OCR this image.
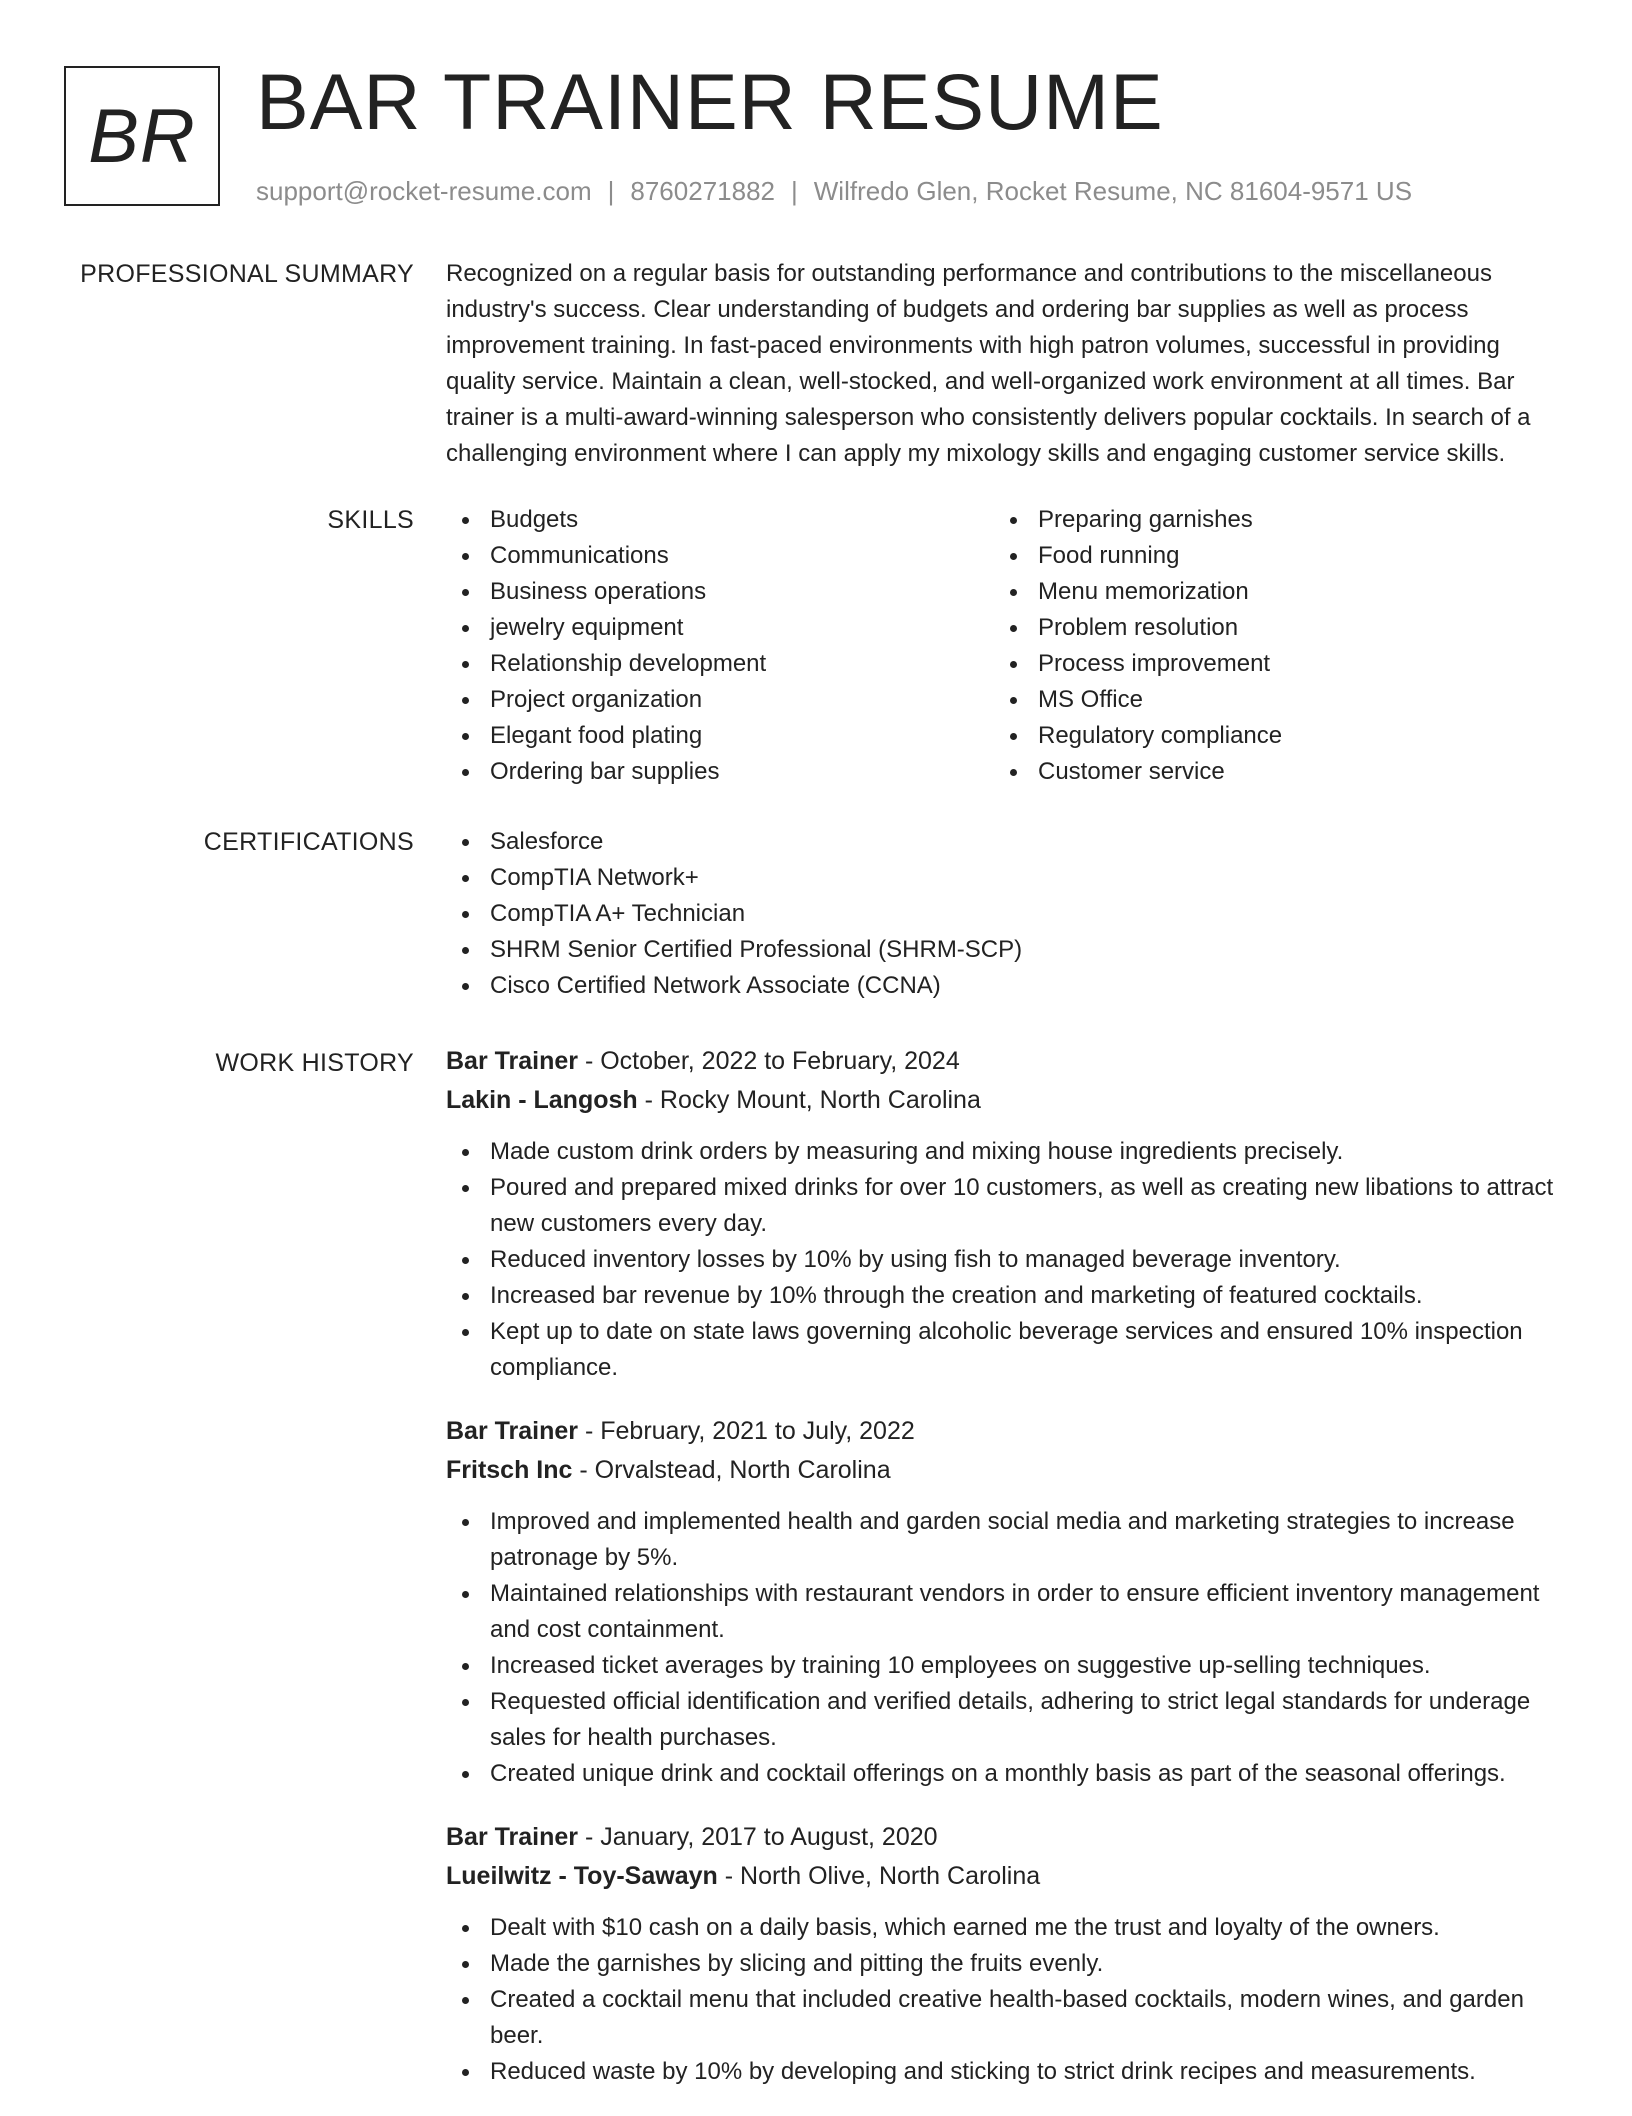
BR BAR TRAINER RESUME
support@rocket-resume.com | 8760271882 | Wilfredo Glen, Rocket Resume, NC 81604-9571 US
PROFESSIONAL SUMMARY Recognized on a regular basis for outstanding performance and contributions to the miscellaneous industry's success. Clear understanding of budgets and ordering bar supplies as well as process improvement training. In fast-paced environments with high patron volumes, successful in providing quality service. Maintain a clean, well-stocked, and well-organized work environment at all times. Bar trainer is a multi-award-winning salesperson who consistently delivers popular cocktails. In search of a challenging environment where I can apply my mixology skills and engaging customer service skills.

SKILLS	Budgets
Communications
Business operations
jewelry equipment
Relationship development
Project organization
Elegant food plating
Ordering bar supplies
Preparing garnishes
Food running
Menu memorization
Problem resolution
Process improvement
MS Office
Regulatory compliance
Customer service
CERTIFICATIONS	Salesforce
CompTIA Network+
CompTIA A+ Technician
SHRM Senior Certified Professional (SHRM-SCP)
Cisco Certified Network Associate (CCNA)
WORK HISTORY Bar Trainer - October, 2022 to February, 2024
Lakin - Langosh - Rocky Mount, North Carolina
Made custom drink orders by measuring and mixing house ingredients precisely.
Poured and prepared mixed drinks for over 10 customers, as well as creating new libations to attract new customers every day.
Reduced inventory losses by 10% by using fish to managed beverage inventory.
Increased bar revenue by 10% through the creation and marketing of featured cocktails.
Kept up to date on state laws governing alcoholic beverage services and ensured 10% inspection compliance.
Bar Trainer - February, 2021 to July, 2022
Fritsch Inc - Orvalstead, North Carolina
Improved and implemented health and garden social media and marketing strategies to increase patronage by 5%.
Maintained relationships with restaurant vendors in order to ensure efficient inventory management and cost containment.
Increased ticket averages by training 10 employees on suggestive up-selling techniques.
Requested official identification and verified details, adhering to strict legal standards for underage sales for health purchases.
Created unique drink and cocktail offerings on a monthly basis as part of the seasonal offerings.
Bar Trainer - January, 2017 to August, 2020
Lueilwitz - Toy-Sawayn - North Olive, North Carolina
Dealt with $10 cash on a daily basis, which earned me the trust and loyalty of the owners.
Made the garnishes by slicing and pitting the fruits evenly.
Created a cocktail menu that included creative health-based cocktails, modern wines, and garden beer.
Reduced waste by 10% by developing and sticking to strict drink recipes and measurements.
